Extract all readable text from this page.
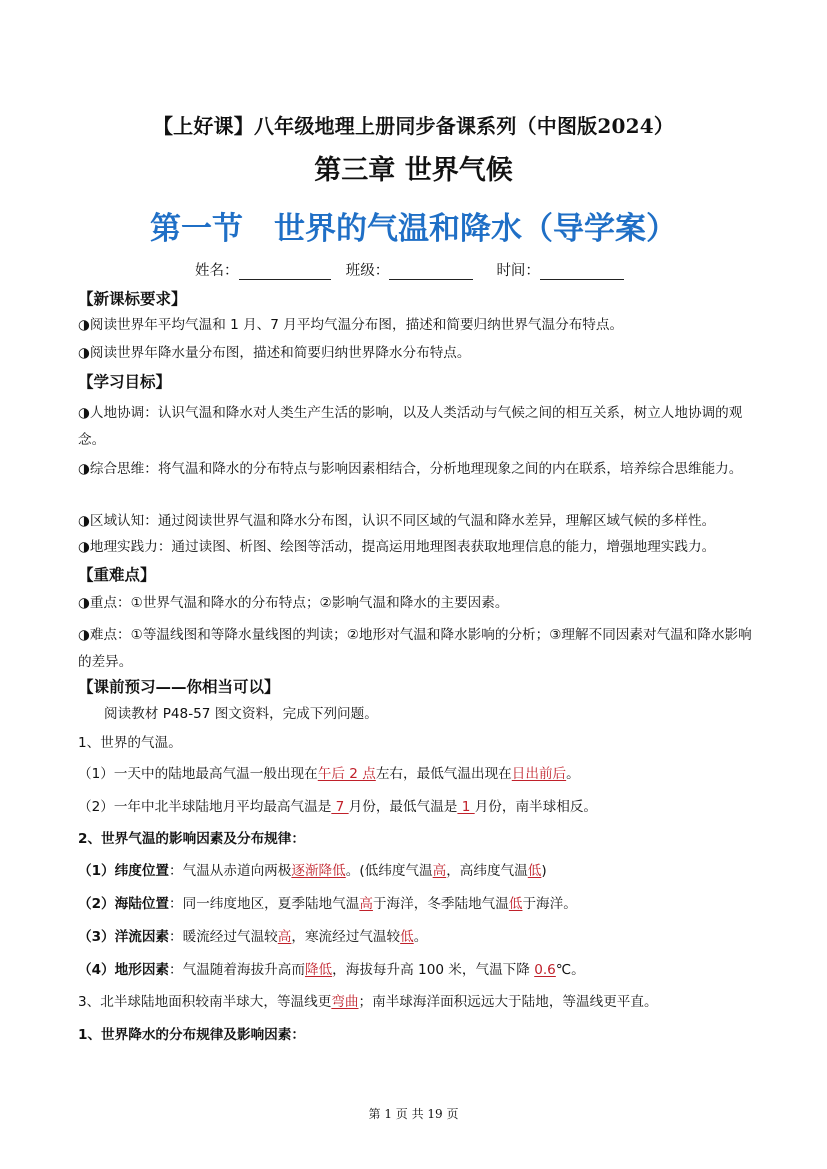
【上好课】八年级地理上册同步备课系列（中图版2024）
第三章 世界气候
第一节　世界的气温和降水（导学案）
姓名：	班级：	时间：
【新课标要求】
◑阅读世界年平均气温和 1 月、7 月平均气温分布图，描述和简要归纳世界气温分布特点。
◑阅读世界年降水量分布图，描述和简要归纳世界降水分布特点。
【学习目标】
◑人地协调：认识气温和降水对人类生产生活的影响，以及人类活动与气候之间的相互关系，树立人地协调的观念。
◑综合思维：将气温和降水的分布特点与影响因素相结合，分析地理现象之间的内在联系，培养综合思维能力。
◑区域认知：通过阅读世界气温和降水分布图，认识不同区域的气温和降水差异，理解区域气候的多样性。
◑地理实践力：通过读图、析图、绘图等活动，提高运用地理图表获取地理信息的能力，增强地理实践力。
【重难点】
◑重点：①世界气温和降水的分布特点；②影响气温和降水的主要因素。
◑难点：①等温线图和等降水量线图的判读；②地形对气温和降水影响的分析；③理解不同因素对气温和降水影响的差异。
【课前预习——你相当可以】
阅读教材 P48-57 图文资料，完成下列问题。
1、世界的气温。
（1）一天中的陆地最高气温一般出现在午后 2 点左右，最低气温出现在日出前后。
（2）一年中北半球陆地月平均最高气温是 7 月份，最低气温是 1 月份，南半球相反。
2、世界气温的影响因素及分布规律：
（1）纬度位置：气温从赤道向两极逐渐降低。(低纬度气温高，高纬度气温低)
（2）海陆位置：同一纬度地区，夏季陆地气温高于海洋，冬季陆地气温低于海洋。
（3）洋流因素：暖流经过气温较高，寒流经过气温较低。
（4）地形因素：气温随着海拔升高而降低，海拔每升高 100 米，气温下降 0.6℃。
3、北半球陆地面积较南半球大，等温线更弯曲；南半球海洋面积远远大于陆地，等温线更平直。
1、世界降水的分布规律及影响因素：
第 1 页 共 19 页
